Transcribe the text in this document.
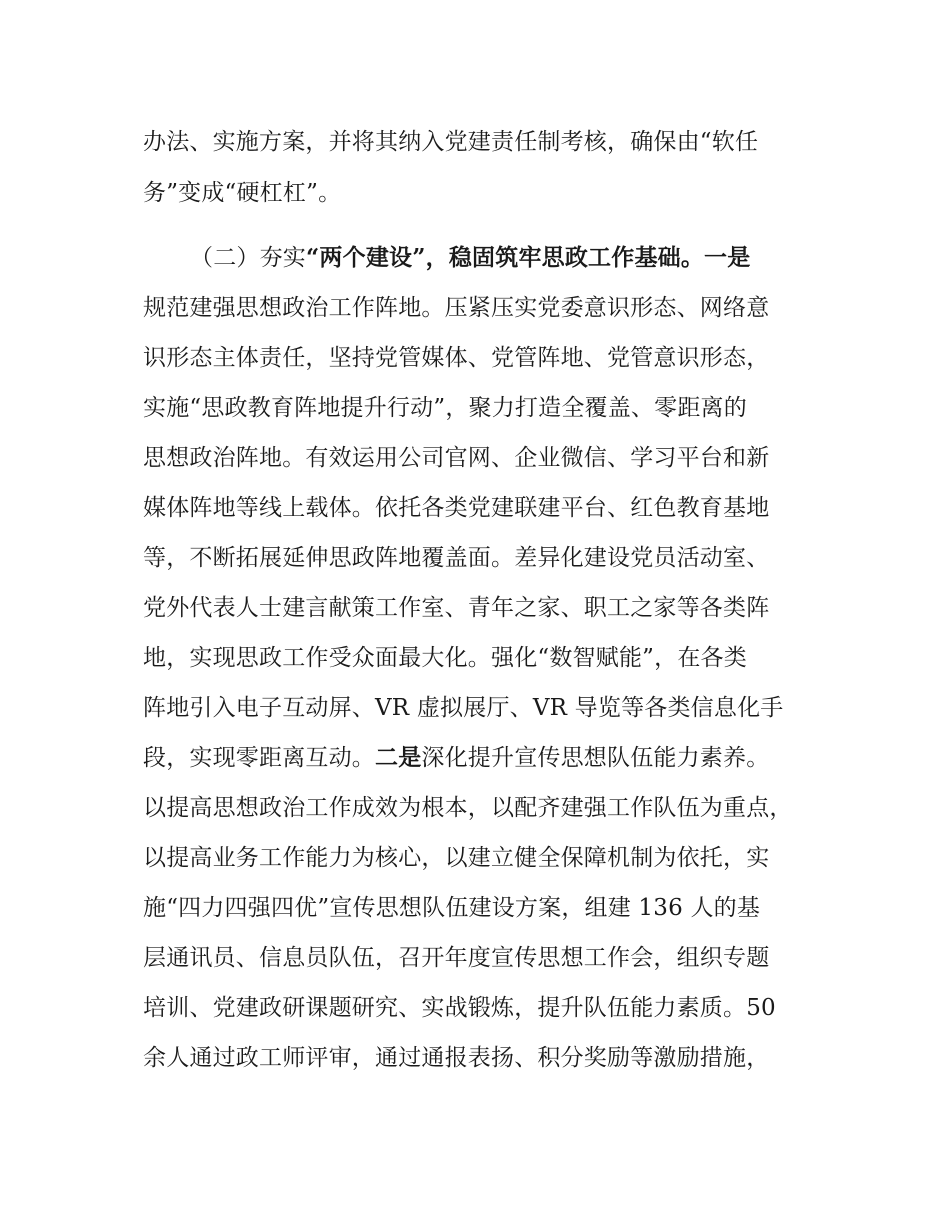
办法、实施方案，并将其纳入党建责任制考核，确保由“软任
务”变成“硬杠杠”。
（二）夯实“两个建设”，稳固筑牢思政工作基础。一是
规范建强思想政治工作阵地。压紧压实党委意识形态、网络意
识形态主体责任，坚持党管媒体、党管阵地、党管意识形态，
实施“思政教育阵地提升行动”，聚力打造全覆盖、零距离的
思想政治阵地。有效运用公司官网、企业微信、学习平台和新
媒体阵地等线上载体。依托各类党建联建平台、红色教育基地
等，不断拓展延伸思政阵地覆盖面。差异化建设党员活动室、
党外代表人士建言献策工作室、青年之家、职工之家等各类阵
地，实现思政工作受众面最大化。强化“数智赋能”，在各类
阵地引入电子互动屏、VR 虚拟展厅、VR 导览等各类信息化手
段，实现零距离互动。二是深化提升宣传思想队伍能力素养。
以提高思想政治工作成效为根本，以配齐建强工作队伍为重点，
以提高业务工作能力为核心，以建立健全保障机制为依托，实
施“四力四强四优”宣传思想队伍建设方案，组建 136 人的基
层通讯员、信息员队伍，召开年度宣传思想工作会，组织专题
培训、党建政研课题研究、实战锻炼，提升队伍能力素质。50
余人通过政工师评审，通过通报表扬、积分奖励等激励措施，
